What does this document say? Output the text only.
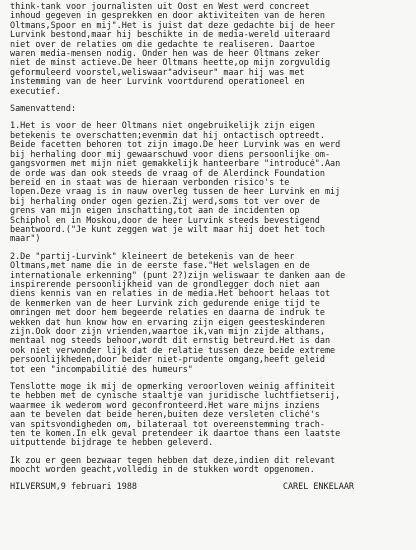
think-tank voor journalisten uit Oost en West werd concreet
inhoud gegeven in gesprekken en door aktiviteiten van de heren
Oltmans,Spoor en mij".Het is juist dat deze gedachte bij de heer
Lurvink bestond,maar hij beschikte in de media-wereld uiteraard
niet over de relaties om die gedachte te realiseren. Daartoe
waren media-mensen nodig. Onder hen was de heer Oltmans zeker
niet de minst actieve.De heer Oltmans heette,op mijn zorgvuldig
geformuleerd voorstel,weliswaar"adviseur" maar hij was met
instemming van de heer Lurvink voortdurend operationeel en
executief.
Samenvattend:
1.Het is voor de heer Oltmans niet ongebruikelijk zijn eigen
betekenis te overschatten;evenmin dat hij ontactisch optreedt.
Beide facetten behoren tot zijn imago.De heer Lurvink was en werd
bij herhaling door mij gewaarschuwd voor diens persoonlijke om-
gangsvormen met mijn niet gemakkelijk hanteerbare "introducé".Aan
de orde was dan ook steeds de vraag of de Alerdinck Foundation
bereid en in staat was de hieraan verbonden risico's te
lopen.Deze vraag is in nauw overleg tussen de heer Lurvink en mij
bij herhaling onder ogen gezien.Zij werd,soms tot ver over de
grens van mijn eigen inschatting,tot aan de incidenten op
Schiphol en in Moskou,door de heer Lurvink steeds bevestigend
beantwoord.("Je kunt zeggen wat je wilt maar hij doet het toch
maar")
2.De "partij-Lurvink" kleineert de betekenis van de heer
Oltmans,met name die in de eerste fase."Het welslagen en de
internationale erkenning" (punt 2?)zijn weliswaar te danken aan de
inspirerende persoonlijkheid van de grondlegger doch niet aan
diens kennis van en relaties in de media.Het behoort helaas tot
de kenmerken van de heer Lurvink zich gedurende enige tijd te
omringen met door hem begeerde relaties en daarna de indruk te
wekken dat hun know how en ervaring zijn eigen geesteskinderen
zijn.Ook door zijn vrienden,waartoe ik,van mijn zijde althans,
mentaal nog steeds behoor,wordt dit ernstig betreurd.Het is dan
ook niet verwonder lijk dat de relatie tussen deze beide extreme
persoonlijkheden,door beider niet-prudente omgang,heeft geleid
tot een "incompabilitié des humeurs"
Tenslotte moge ik mij de opmerking veroorloven weinig affiniteit
te hebben met de cynische staaltje van juridische luchtfietserij,
waarmee ik wederom word geconfronteerd.Het ware mijns inziens
aan te bevelen dat beide heren,buiten deze versleten cliché's
van spitsvondigheden om, bilateraal tot overeenstemming trach-
ten te komen.In elk geval pretendeer ik daartoe thans een laatste
uitputtende bijdrage te hebben geleverd.
Ik zou er geen bezwaar tegen hebben dat deze,indien dit relevant
moocht worden geacht,volledig in de stukken wordt opgenomen.
HILVERSUM,9 februari 1988	CAREL ENKELAAR
